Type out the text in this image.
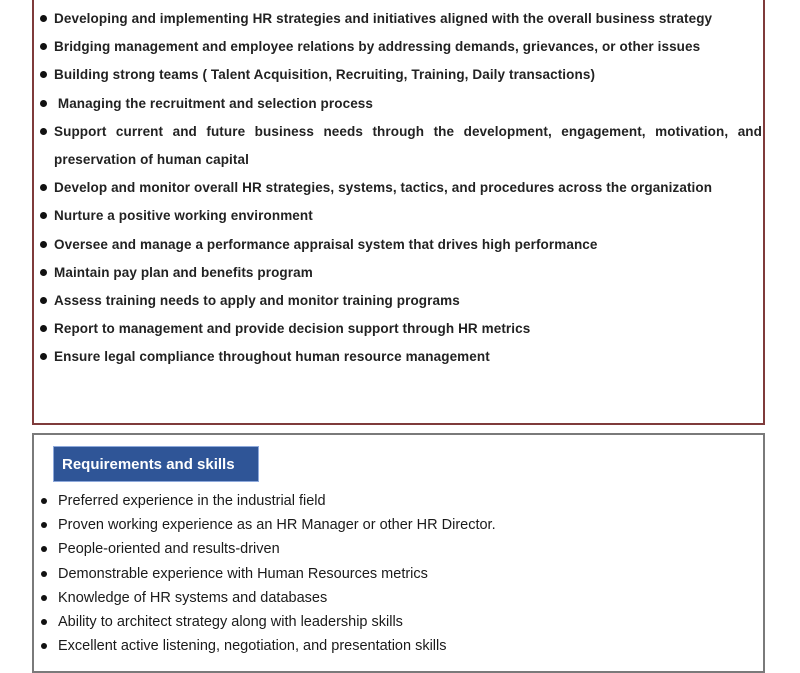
Developing and implementing HR strategies and initiatives aligned with the overall business strategy
Bridging management and employee relations by addressing demands, grievances, or other issues
Building strong teams ( Talent Acquisition, Recruiting, Training, Daily transactions)
Managing the recruitment and selection process
Support current and future business needs through the development, engagement, motivation, and preservation of human capital
Develop and monitor overall HR strategies, systems, tactics, and procedures across the organization
Nurture a positive working environment
Oversee and manage a performance appraisal system that drives high performance
Maintain pay plan and benefits program
Assess training needs to apply and monitor training programs
Report to management and provide decision support through HR metrics
Ensure legal compliance throughout human resource management
Requirements and skills
Preferred experience in the industrial field
Proven working experience as an HR Manager or other HR Director.
People-oriented and results-driven
Demonstrable experience with Human Resources metrics
Knowledge of HR systems and databases
Ability to architect strategy along with leadership skills
Excellent active listening, negotiation, and presentation skills
